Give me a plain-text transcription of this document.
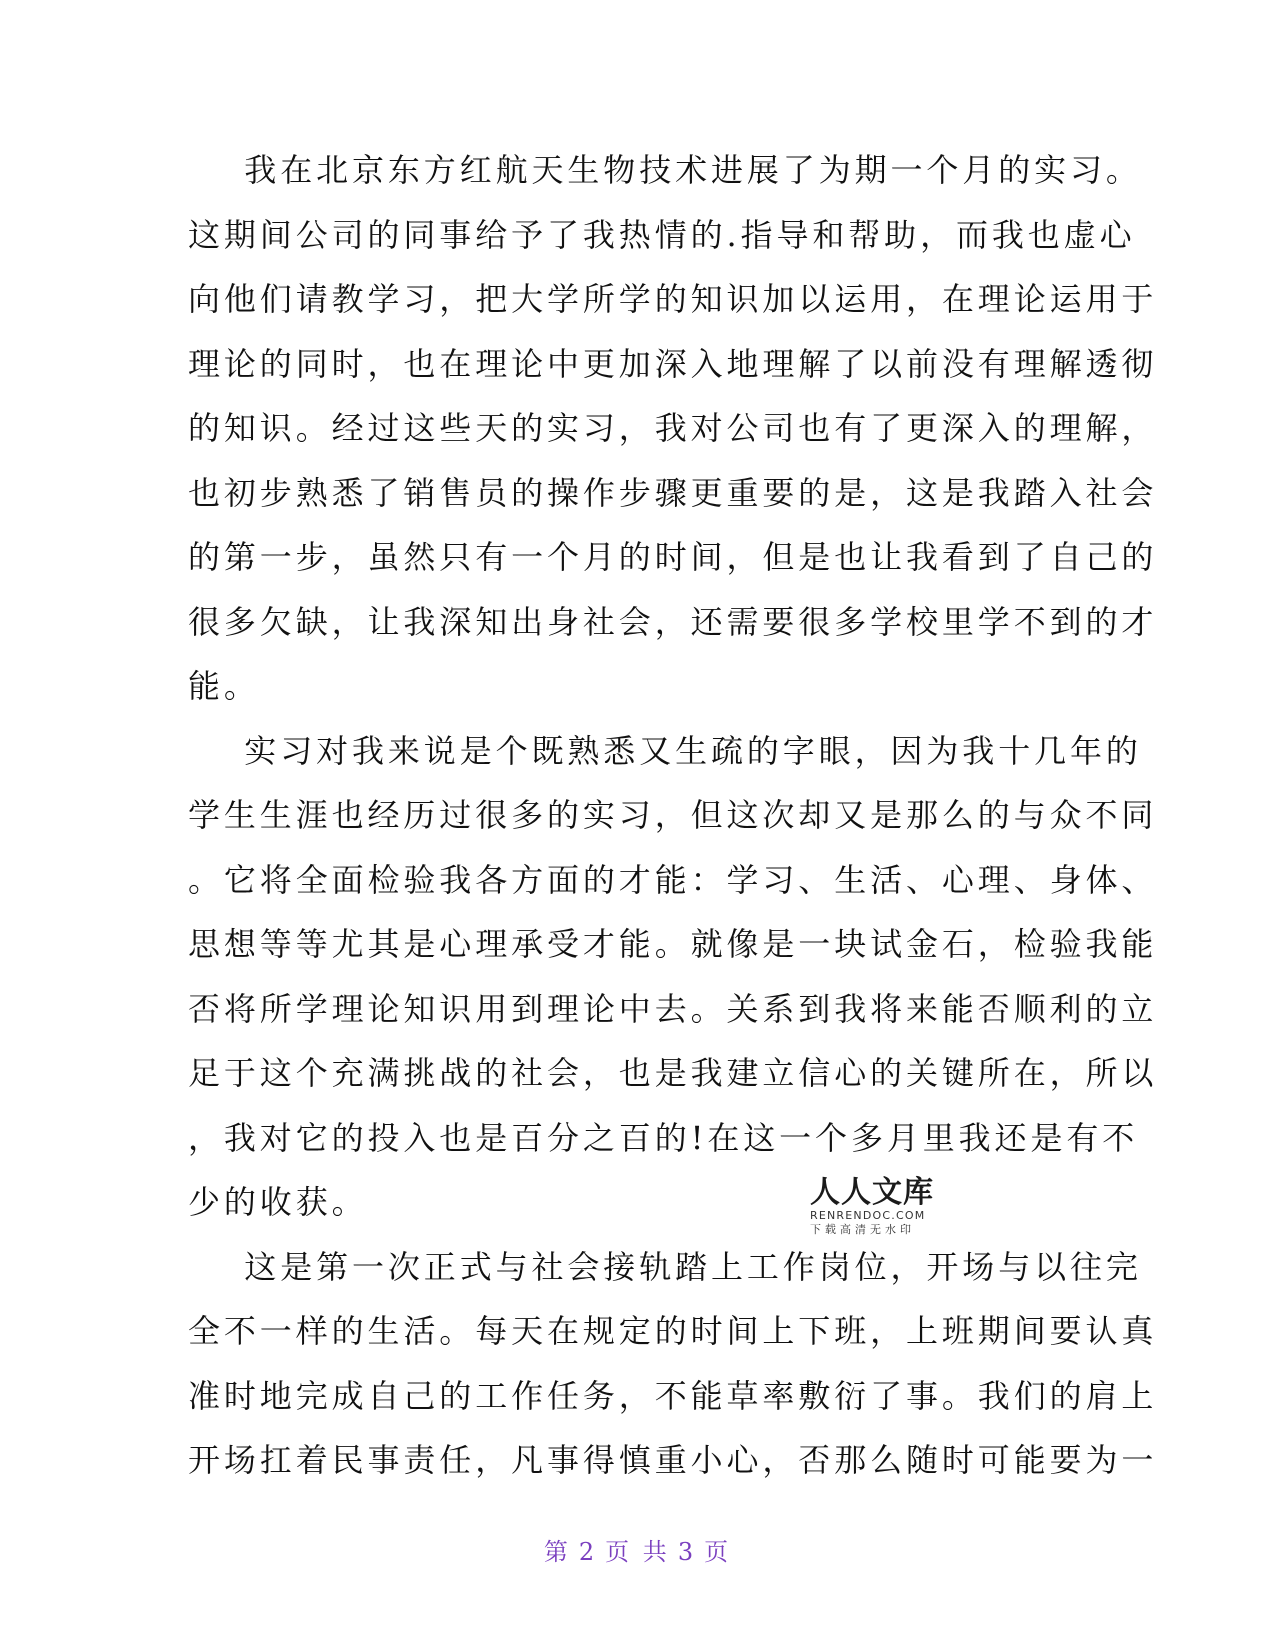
我在北京东方红航天生物技术进展了为期一个月的实习。
这期间公司的同事给予了我热情的.指导和帮助，而我也虚心
向他们请教学习，把大学所学的知识加以运用，在理论运用于
理论的同时，也在理论中更加深入地理解了以前没有理解透彻
的知识。经过这些天的实习，我对公司也有了更深入的理解，
也初步熟悉了销售员的操作步骤更重要的是，这是我踏入社会
的第一步，虽然只有一个月的时间，但是也让我看到了自己的
很多欠缺，让我深知出身社会，还需要很多学校里学不到的才
能。
实习对我来说是个既熟悉又生疏的字眼，因为我十几年的
学生生涯也经历过很多的实习，但这次却又是那么的与众不同
。它将全面检验我各方面的才能：学习、生活、心理、身体、
思想等等尤其是心理承受才能。就像是一块试金石，检验我能
否将所学理论知识用到理论中去。关系到我将来能否顺利的立
足于这个充满挑战的社会，也是我建立信心的关键所在，所以
，我对它的投入也是百分之百的!在这一个多月里我还是有不
少的收获。
这是第一次正式与社会接轨踏上工作岗位，开场与以往完
全不一样的生活。每天在规定的时间上下班，上班期间要认真
准时地完成自己的工作任务，不能草率敷衍了事。我们的肩上
开场扛着民事责任，凡事得慎重小心，否那么随时可能要为一
人人文库
RENRENDOC.COM
下载高清无水印
第 2 页 共 3 页
